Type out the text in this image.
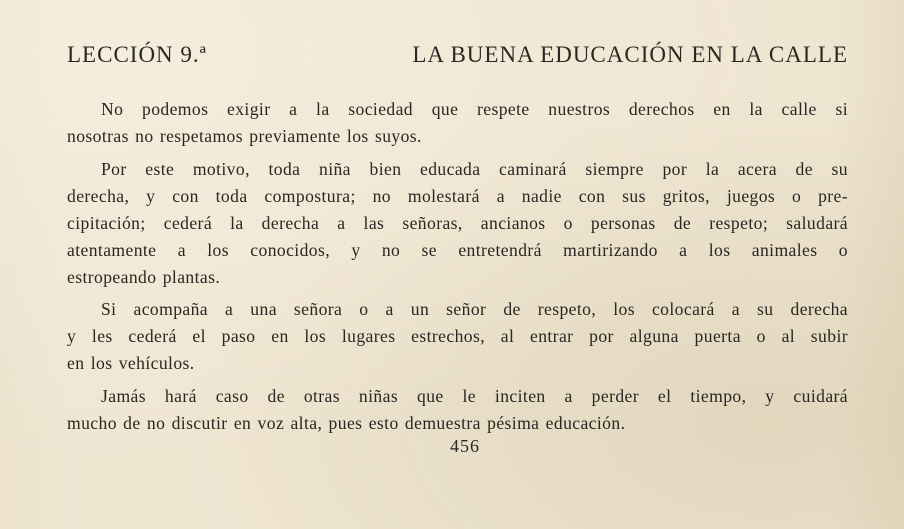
LECCIÓN 9.ª	LA BUENA EDUCACIÓN EN LA CALLE

No podemos exigir a la sociedad que respete nuestros derechos en la calle si
nosotras no respetamos previamente los suyos.

Por este motivo, toda niña bien educada caminará siempre por la acera de su
derecha, y con toda compostura; no molestará a nadie con sus gritos, juegos o pre-
cipitación; cederá la derecha a las señoras, ancianos o personas de respeto; saludará
atentamente a los conocidos, y no se entretendrá martirizando a los animales o
estropeando plantas.

Si acompaña a una señora o a un señor de respeto, los colocará a su derecha
y les cederá el paso en los lugares estrechos, al entrar por alguna puerta o al subir
en los vehículos.

Jamás hará caso de otras niñas que le inciten a perder el tiempo, y cuidará
mucho de no discutir en voz alta, pues esto demuestra pésima educación.

456
